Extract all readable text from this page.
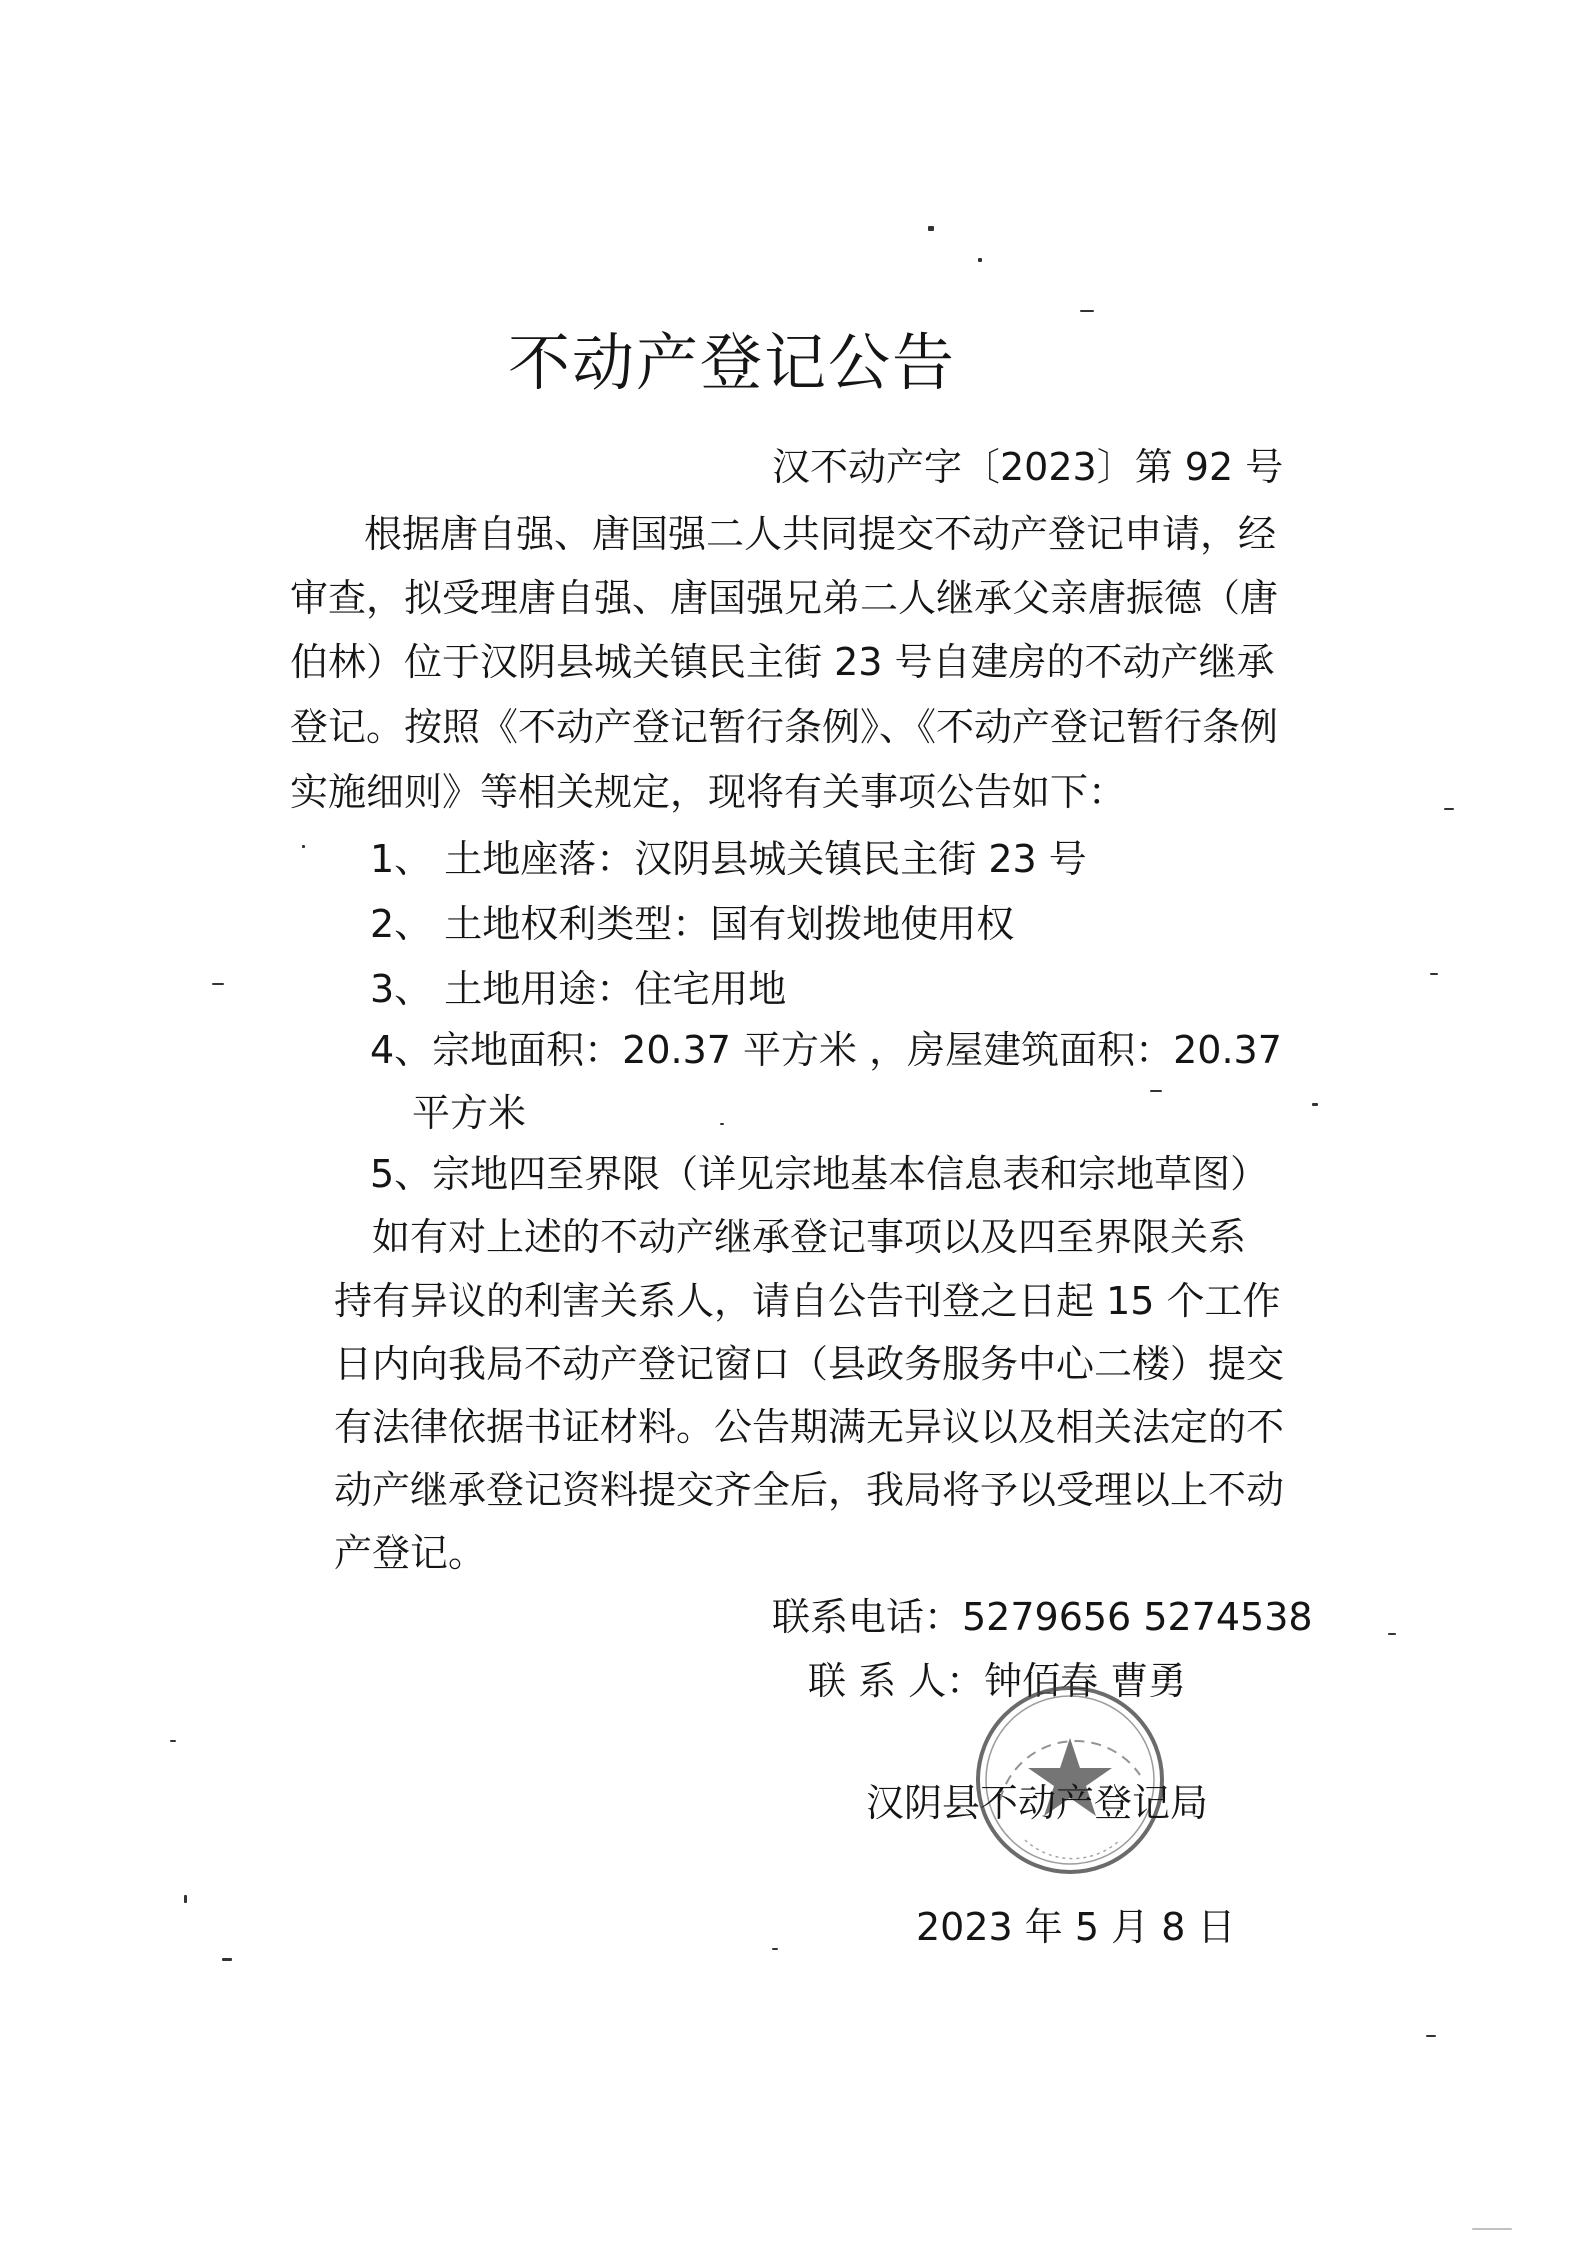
不动产登记公告
汉不动产字〔2023〕第 92 号
根据唐自强、唐国强二人共同提交不动产登记申请，经
审查，拟受理唐自强、唐国强兄弟二人继承父亲唐振德（唐
伯林）位于汉阴县城关镇民主街 23 号自建房的不动产继承
登记。按照《不动产登记暂行条例》、《不动产登记暂行条例
实施细则》等相关规定，现将有关事项公告如下：
1、 土地座落：汉阴县城关镇民主街 23 号
2、 土地权利类型：国有划拨地使用权
3、 土地用途：住宅用地
4、宗地面积：20.37 平方米 ，房屋建筑面积：20.37
平方米
5、宗地四至界限（详见宗地基本信息表和宗地草图）
如有对上述的不动产继承登记事项以及四至界限关系
持有异议的利害关系人，请自公告刊登之日起 15 个工作
日内向我局不动产登记窗口（县政务服务中心二楼）提交
有法律依据书证材料。公告期满无异议以及相关法定的不
动产继承登记资料提交齐全后，我局将予以受理以上不动
产登记。
联系电话：5279656 5274538
联 系 人：钟佰春 曹勇
汉阴县不动产登记局
2023 年 5 月 8 日
